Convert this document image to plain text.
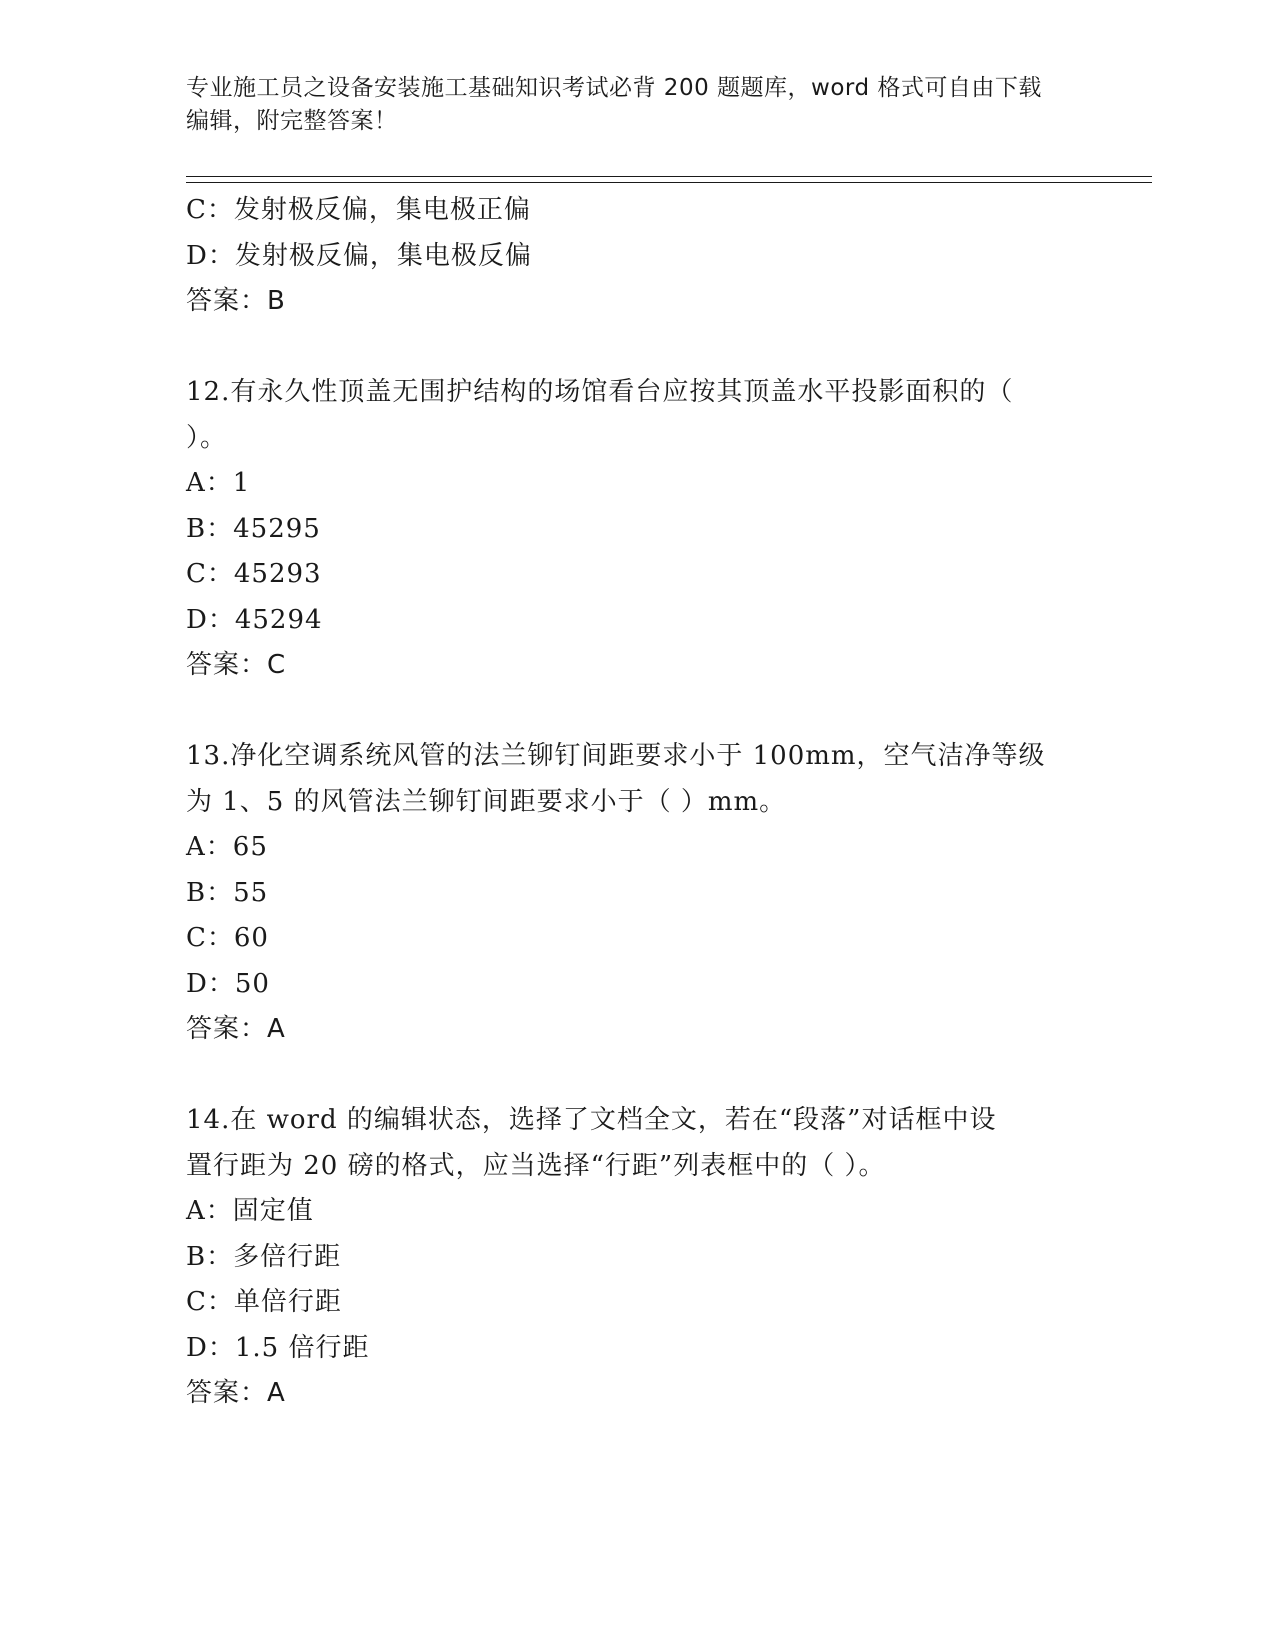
专业施工员之设备安装施工基础知识考试必背 200 题题库，word 格式可自由下载
编辑，附完整答案！
C：发射极反偏，集电极正偏
D：发射极反偏，集电极反偏
答案：B
12.有永久性顶盖无围护结构的场馆看台应按其顶盖水平投影面积的（
）。
A：1
B：45295
C：45293
D：45294
答案：C
13.净化空调系统风管的法兰铆钉间距要求小于 100mm，空气洁净等级
为 1、5 的风管法兰铆钉间距要求小于（ ）mm。
A：65
B：55
C：60
D：50
答案：A
14.在 word 的编辑状态，选择了文档全文，若在“段落”对话框中设
置行距为 20 磅的格式，应当选择“行距”列表框中的（ ）。
A：固定值
B：多倍行距
C：单倍行距
D：1.5 倍行距
答案：A
